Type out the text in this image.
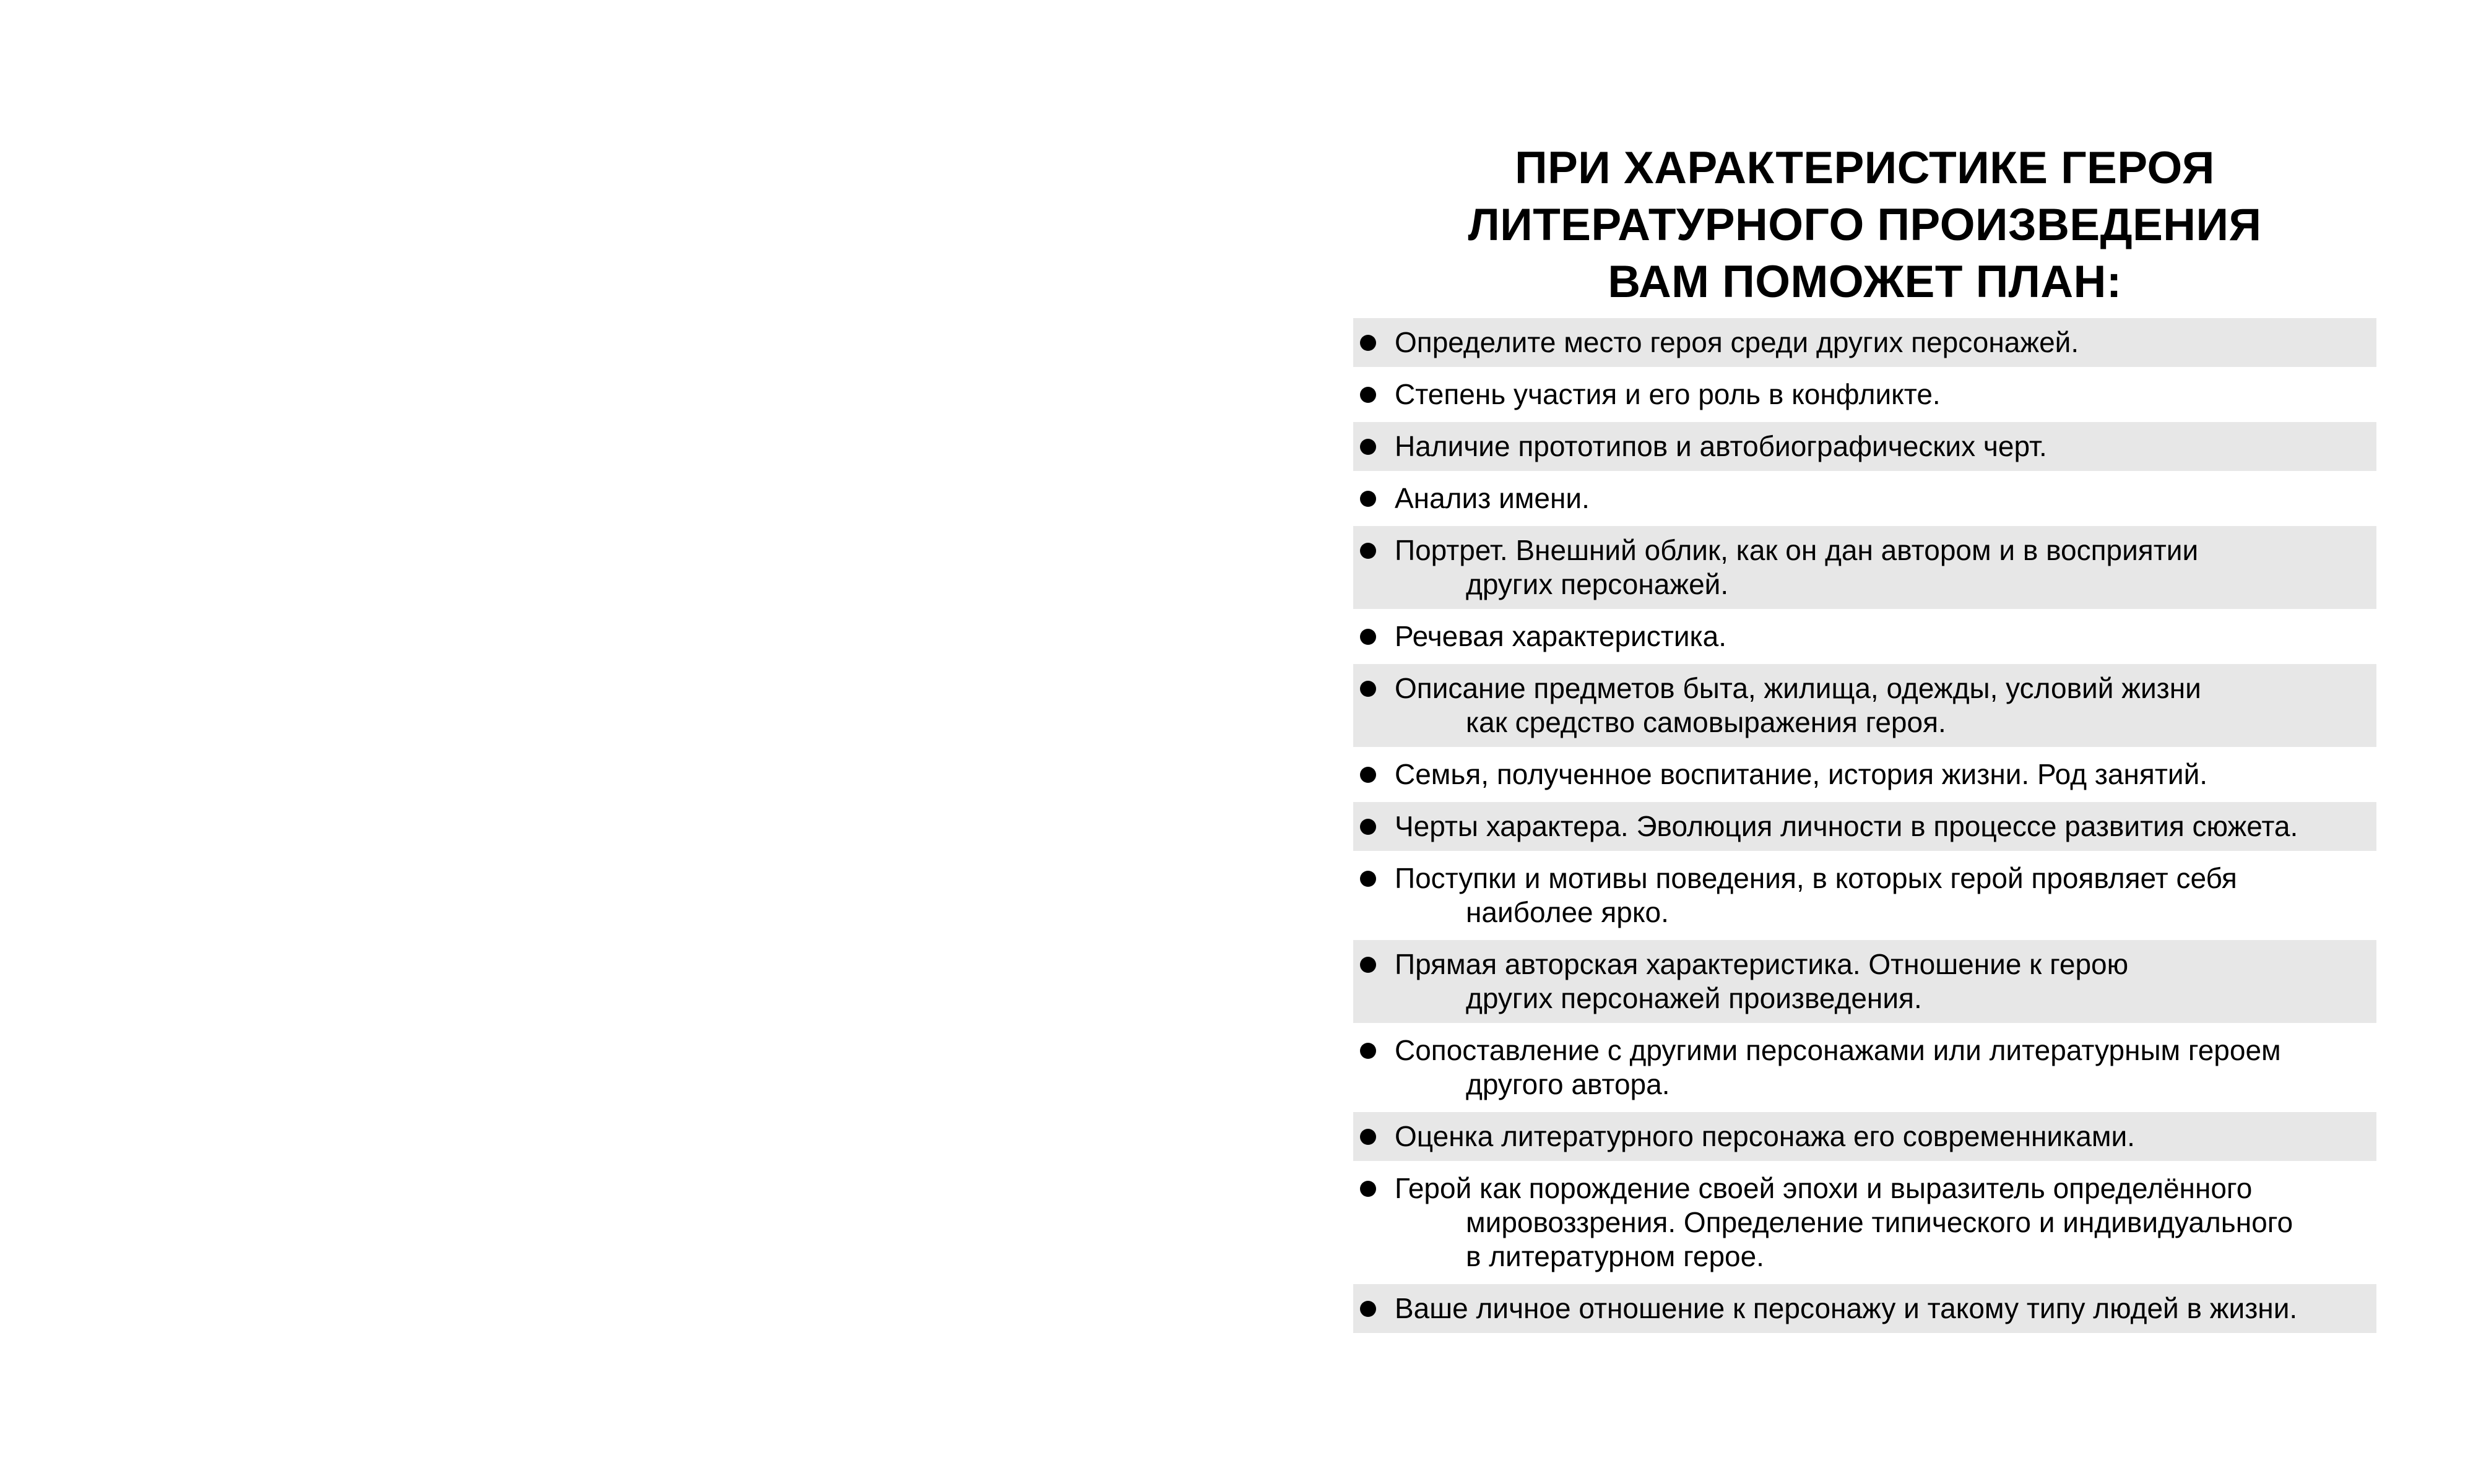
ПРИ ХАРАКТЕРИСТИКЕ ГЕРОЯ
ЛИТЕРАТУРНОГО ПРОИЗВЕДЕНИЯ
ВАМ ПОМОЖЕТ ПЛАН:
Определите место героя среди других персонажей.
Степень участия и его роль в конфликте.
Наличие прототипов и автобиографических черт.
Анализ имени.
Портрет. Внешний облик, как он дан автором и в восприятии
других персонажей.
Речевая характеристика.
Описание предметов быта, жилища, одежды, условий жизни
как средство самовыражения героя.
Семья, полученное воспитание, история жизни. Род занятий.
Черты характера. Эволюция личности в процессе развития сюжета.
Поступки и мотивы поведения, в которых герой проявляет себя
наиболее ярко.
Прямая авторская характеристика. Отношение к герою
других персонажей произведения.
Сопоставление с другими персонажами или литературным героем
другого автора.
Оценка литературного персонажа его современниками.
Герой как порождение своей эпохи и выразитель определённого
мировоззрения. Определение типического и индивидуального
в литературном герое.
Ваше личное отношение к персонажу и такому типу людей в жизни.
